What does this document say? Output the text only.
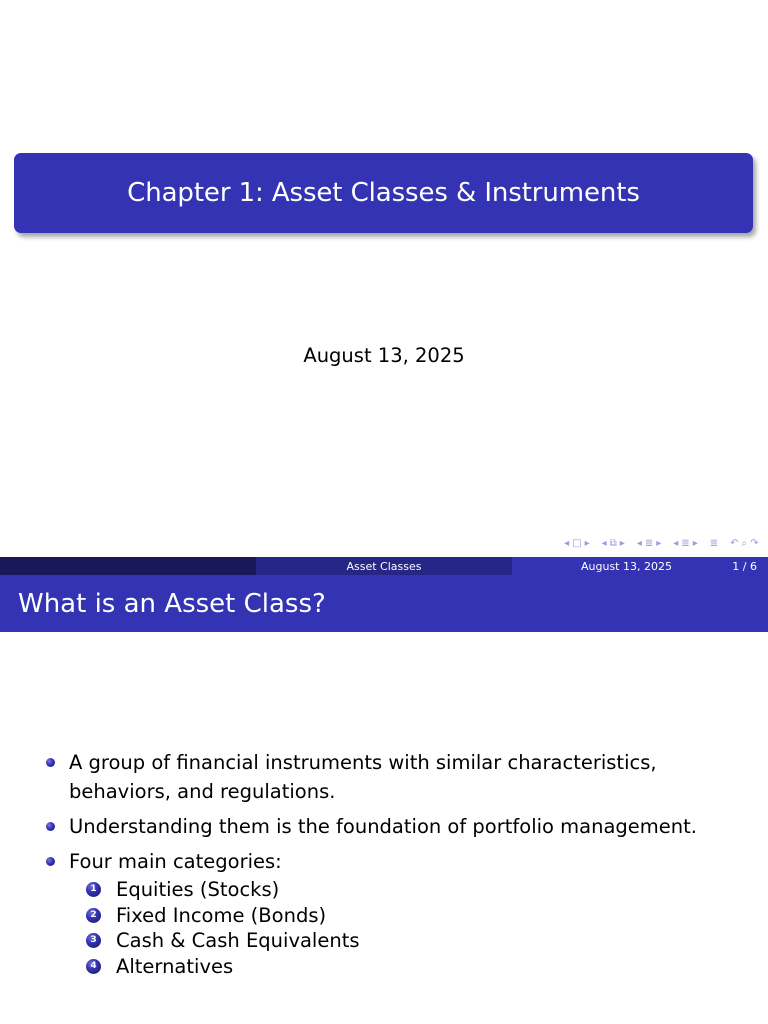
Chapter 1: Asset Classes & Instruments
August 13, 2025
◂ □ ▸ ◂ ⧉ ▸ ◂ ≣ ▸ ◂ ≣ ▸ ≣ ↶ ⌕ ↷
Asset Classes	August 13, 2025	1 / 6
What is an Asset Class?
A group of financial instruments with similar characteristics, behaviors, and regulations.
Understanding them is the foundation of portfolio management.
Four main categories:
1 Equities (Stocks)
2 Fixed Income (Bonds)
3 Cash & Cash Equivalents
4 Alternatives
